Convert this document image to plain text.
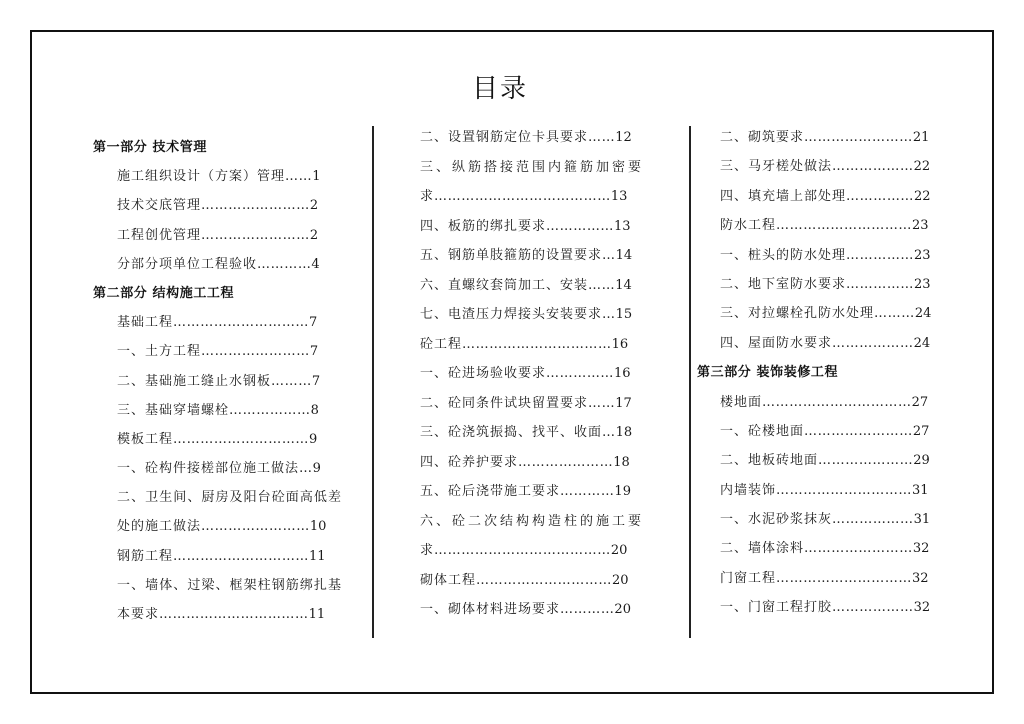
目录
第一部分 技术管理
施工组织设计（方案）管理……1
技术交底管理……………………2
工程创优管理……………………2
分部分项单位工程验收…………4
第二部分 结构施工工程
基础工程…………………………7
一、土方工程……………………7
二、基础施工缝止水钢板………7
三、基础穿墙螺栓………………8
模板工程…………………………9
一、砼构件接槎部位施工做法…9
二、卫生间、厨房及阳台砼面高低差
处的施工做法……………………10
钢筋工程…………………………11
一、墙体、过梁、框架柱钢筋绑扎基
本要求……………………………11
二、设置钢筋定位卡具要求……12
三、纵筋搭接范围内箍筋加密要
求…………………………………13
四、板筋的绑扎要求……………13
五、钢筋单肢箍筋的设置要求…14
六、直螺纹套筒加工、安装……14
七、电渣压力焊接头安装要求…15
砼工程……………………………16
一、砼进场验收要求……………16
二、砼同条件试块留置要求……17
三、砼浇筑振捣、找平、收面…18
四、砼养护要求…………………18
五、砼后浇带施工要求…………19
六、砼二次结构构造柱的施工要
求…………………………………20
砌体工程…………………………20
一、砌体材料进场要求…………20
二、砌筑要求……………………21
三、马牙槎处做法………………22
四、填充墙上部处理……………22
防水工程…………………………23
一、桩头的防水处理……………23
二、地下室防水要求……………23
三、对拉螺栓孔防水处理………24
四、屋面防水要求………………24
第三部分 装饰装修工程
楼地面……………………………27
一、砼楼地面……………………27
二、地板砖地面…………………29
内墙装饰…………………………31
一、水泥砂浆抹灰………………31
二、墙体涂料……………………32
门窗工程…………………………32
一、门窗工程打胶………………32
